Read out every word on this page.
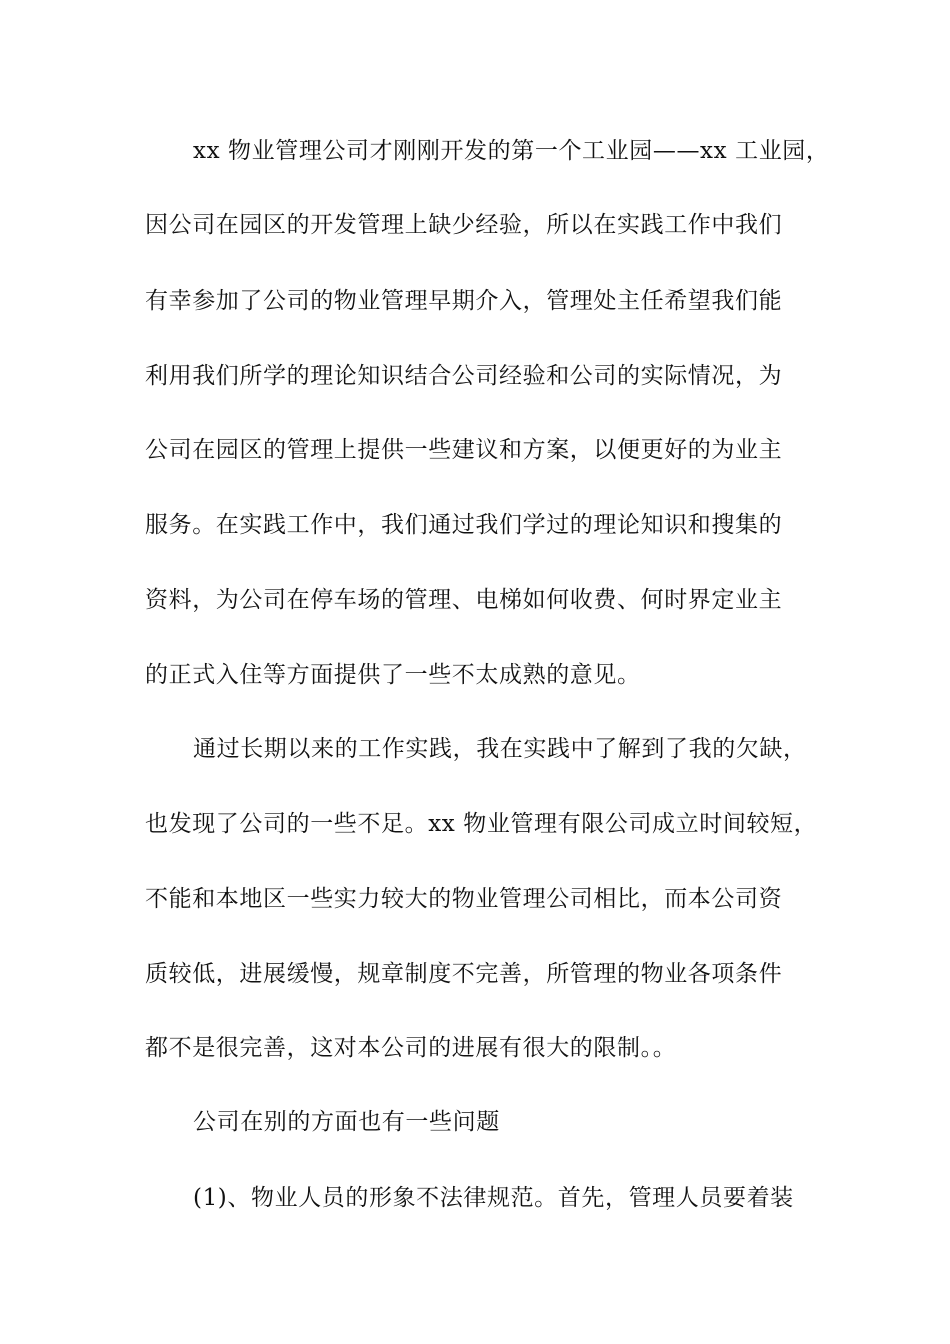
xx 物业管理公司才刚刚开发的第一个工业园——xx 工业园，
因公司在园区的开发管理上缺少经验，所以在实践工作中我们
有幸参加了公司的物业管理早期介入，管理处主任希望我们能
利用我们所学的理论知识结合公司经验和公司的实际情况，为
公司在园区的管理上提供一些建议和方案，以便更好的为业主
服务。在实践工作中，我们通过我们学过的理论知识和搜集的
资料，为公司在停车场的管理、电梯如何收费、何时界定业主
的正式入住等方面提供了一些不太成熟的意见。
通过长期以来的工作实践，我在实践中了解到了我的欠缺，
也发现了公司的一些不足。xx 物业管理有限公司成立时间较短，
不能和本地区一些实力较大的物业管理公司相比，而本公司资
质较低，进展缓慢，规章制度不完善，所管理的物业各项条件
都不是很完善，这对本公司的进展有很大的限制。。
公司在别的方面也有一些问题
(1)、物业人员的形象不法律规范。首先，管理人员要着装
